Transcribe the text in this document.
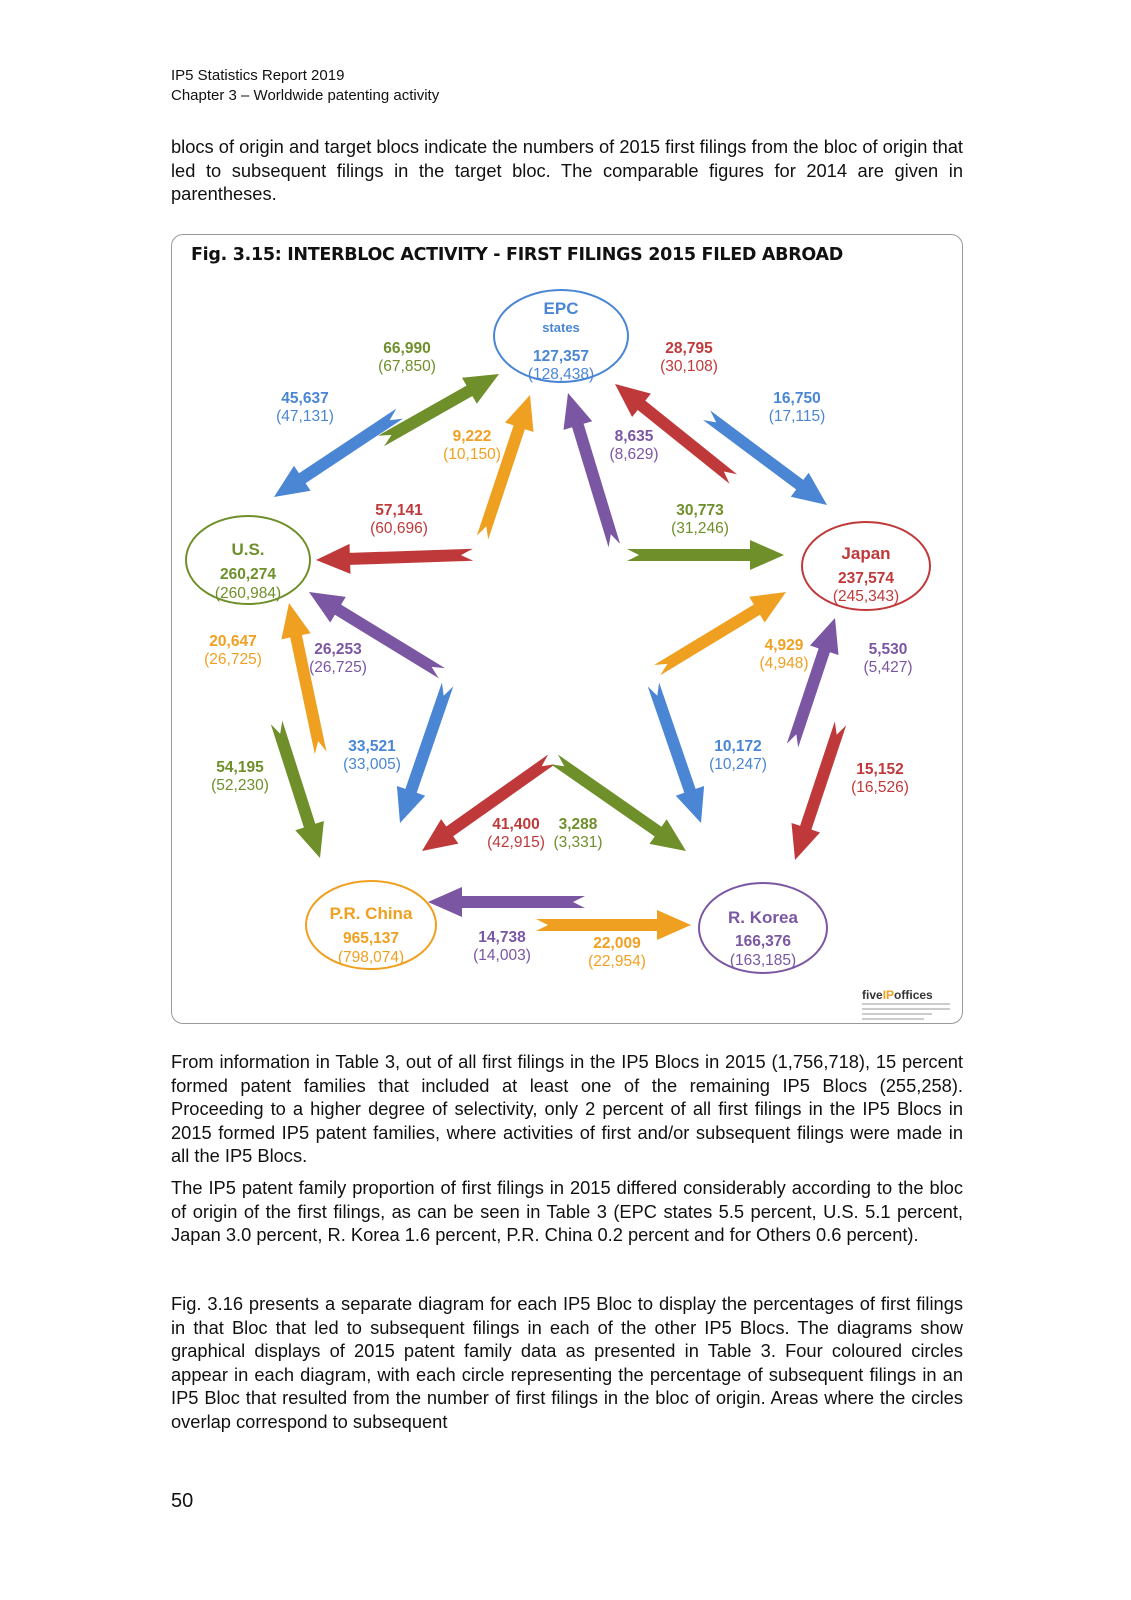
IP5 Statistics Report 2019
Chapter 3 – Worldwide patenting activity

blocs of origin and target blocs indicate the numbers of 2015 first filings from the bloc of origin that led to subsequent filings in the target bloc. The comparable figures for 2014 are given in parentheses.

Fig. 3.15: INTERBLOC ACTIVITY - FIRST FILINGS 2015 FILED ABROAD
EPC
states
127,357
(128,438)
U.S.
260,274
(260,984)
Japan
237,574
(245,343)
R. Korea
166,376
(163,185)
P.R. China
965,137
(798,074)
66,990
(67,850)
45,637
(47,131)
9,222
(10,150)
8,635
(8,629)
28,795
(30,108)
16,750
(17,115)
57,141
(60,696)
30,773
(31,246)
20,647
(26,725)
26,253
(26,725)
4,929
(4,948)
5,530
(5,427)
33,521
(33,005)
54,195
(52,230)
10,172
(10,247)	15,152
(16,526)
41,400
(42,915)
3,288
(3,331)
14,738
(14,003)
22,009
(22,954)
fiveIPoffices

From information in Table 3, out of all first filings in the IP5 Blocs in 2015 (1,756,718), 15 percent formed patent families that included at least one of the remaining IP5 Blocs (255,258). Proceeding to a higher degree of selectivity, only 2 percent of all first filings in the IP5 Blocs in 2015 formed IP5 patent families, where activities of first and/or subsequent filings were made in all the IP5 Blocs.

The IP5 patent family proportion of first filings in 2015 differed considerably according to the bloc of origin of the first filings, as can be seen in Table 3 (EPC states 5.5 percent, U.S. 5.1 percent, Japan 3.0 percent, R. Korea 1.6 percent, P.R. China 0.2 percent and for Others 0.6 percent).

Fig. 3.16 presents a separate diagram for each IP5 Bloc to display the percentages of first filings in that Bloc that led to subsequent filings in each of the other IP5 Blocs. The diagrams show graphical displays of 2015 patent family data as presented in Table 3. Four coloured circles appear in each diagram, with each circle representing the percentage of subsequent filings in an IP5 Bloc that resulted from the number of first filings in the bloc of origin. Areas where the circles overlap correspond to subsequent

50
